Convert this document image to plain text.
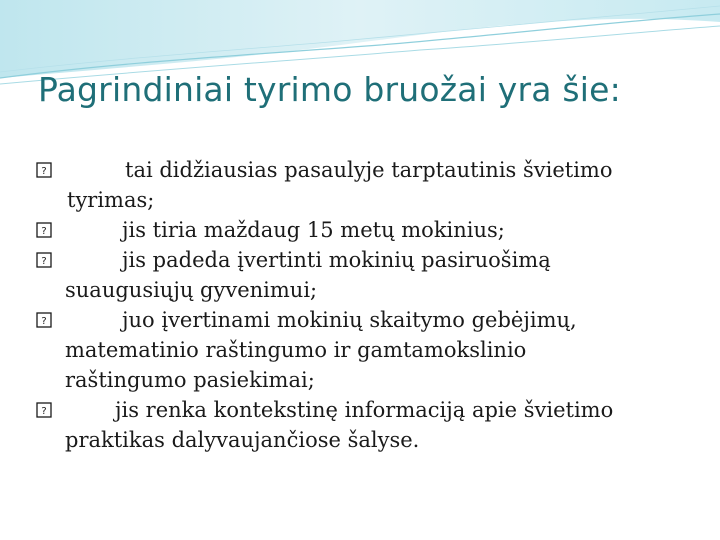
Pagrindiniai tyrimo bruožai yra šie:
?	tai didžiausias pasaulyje tarptautinis švietimo
tyrimas;
?	jis tiria maždaug 15 metų mokinius;
?	jis padeda įvertinti mokinių pasiruošimą
suaugusiųjų gyvenimui;
?	juo įvertinami mokinių skaitymo gebėjimų,
matematinio raštingumo ir gamtamokslinio
raštingumo pasiekimai;
?	jis renka kontekstinę informaciją apie švietimo
praktikas dalyvaujančiose šalyse.
